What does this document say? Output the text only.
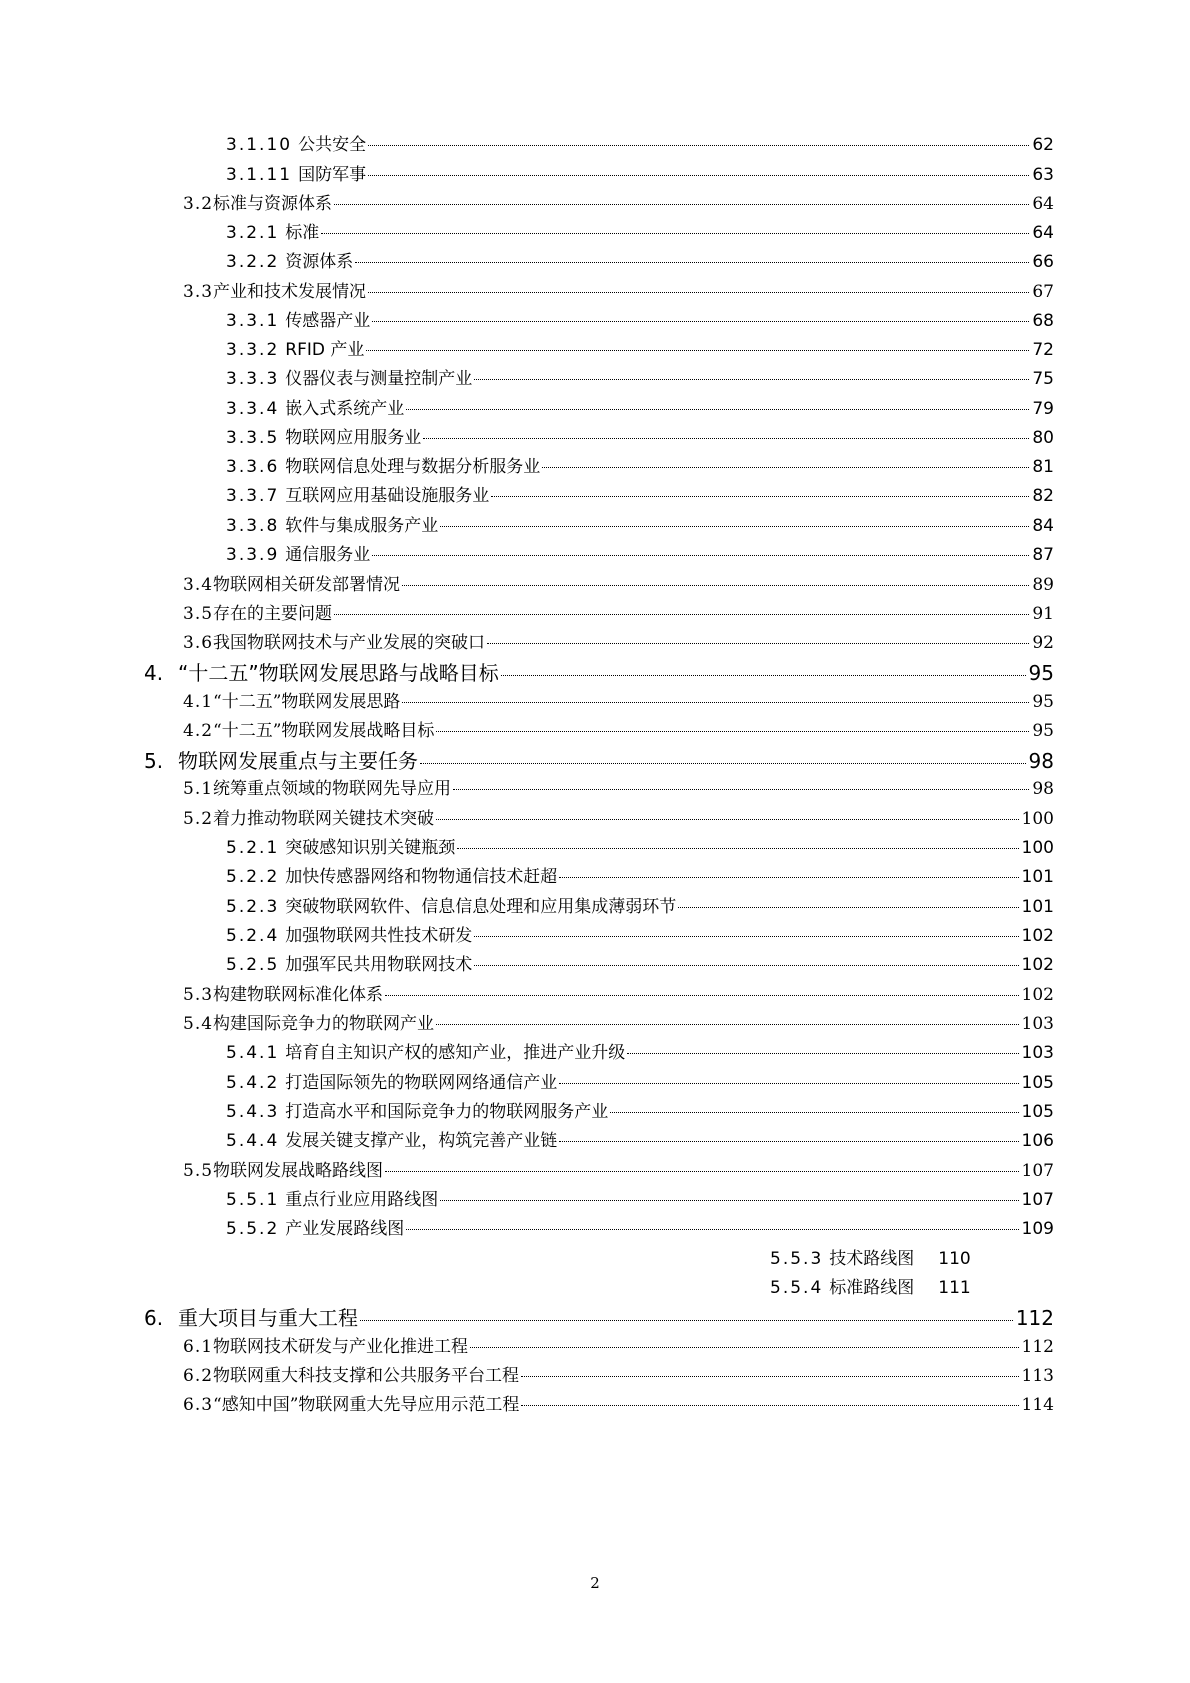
3.1.10 公共安全	62
3.1.11 国防军事	63
3.2 标准与资源体系	64
3.2.1 标准	64
3.2.2 资源体系	66
3.3 产业和技术发展情况	67
3.3.1 传感器产业	68
3.3.2 RFID 产业	72
3.3.3 仪器仪表与测量控制产业	75
3.3.4 嵌入式系统产业	79
3.3.5 物联网应用服务业	80
3.3.6 物联网信息处理与数据分析服务业	81
3.3.7 互联网应用基础设施服务业	82
3.3.8 软件与集成服务产业	84
3.3.9 通信服务业	87
3.4 物联网相关研发部署情况	89
3.5 存在的主要问题	91
3.6 我国物联网技术与产业发展的突破口	92
4. “十二五”物联网发展思路与战略目标	95
4.1 “十二五”物联网发展思路	95
4.2 “十二五”物联网发展战略目标	95
5. 物联网发展重点与主要任务	98
5.1 统筹重点领域的物联网先导应用	98
5.2 着力推动物联网关键技术突破	100
5.2.1 突破感知识别关键瓶颈	100
5.2.2 加快传感器网络和物物通信技术赶超	101
5.2.3 突破物联网软件、信息信息处理和应用集成薄弱环节	101
5.2.4 加强物联网共性技术研发	102
5.2.5 加强军民共用物联网技术	102
5.3 构建物联网标准化体系	102
5.4 构建国际竞争力的物联网产业	103
5.4.1 培育自主知识产权的感知产业，推进产业升级	103
5.4.2 打造国际领先的物联网网络通信产业	105
5.4.3 打造高水平和国际竞争力的物联网服务产业	105
5.4.4 发展关键支撑产业，构筑完善产业链	106
5.5 物联网发展战略路线图	107
5.5.1 重点行业应用路线图	107
5.5.2 产业发展路线图	109
5.5.3 技术路线图 110
5.5.4 标准路线图 111
6. 重大项目与重大工程	112
6.1 物联网技术研发与产业化推进工程	112
6.2 物联网重大科技支撑和公共服务平台工程	113
6.3 “感知中国”物联网重大先导应用示范工程	114
2
